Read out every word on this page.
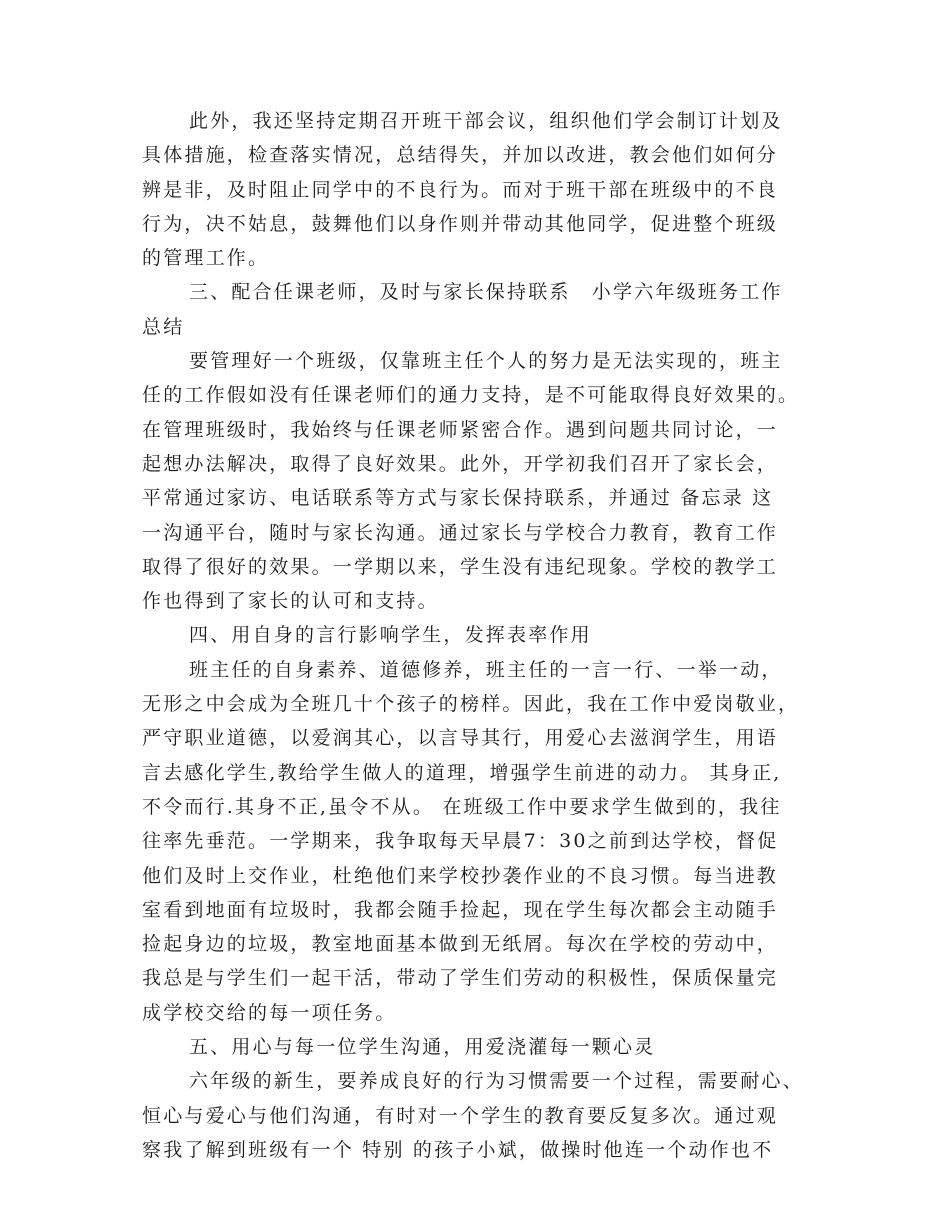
此外，我还坚持定期召开班干部会议，组织他们学会制订计划及
具体措施，检查落实情况，总结得失，并加以改进，教会他们如何分
辨是非，及时阻止同学中的不良行为。而对于班干部在班级中的不良
行为，决不姑息，鼓舞他们以身作则并带动其他同学，促进整个班级
的管理工作。
三、配合任课老师，及时与家长保持联系　小学六年级班务工作
总结
要管理好一个班级，仅靠班主任个人的努力是无法实现的，班主
任的工作假如没有任课老师们的通力支持，是不可能取得良好效果的。
在管理班级时，我始终与任课老师紧密合作。遇到问题共同讨论，一
起想办法解决，取得了良好效果。此外，开学初我们召开了家长会，
平常通过家访、电话联系等方式与家长保持联系，并通过 备忘录 这
一沟通平台，随时与家长沟通。通过家长与学校合力教育，教育工作
取得了很好的效果。一学期以来，学生没有违纪现象。学校的教学工
作也得到了家长的认可和支持。
四、用自身的言行影响学生，发挥表率作用
班主任的自身素养、道德修养，班主任的一言一行、一举一动，
无形之中会成为全班几十个孩子的榜样。因此，我在工作中爱岗敬业，
严守职业道德，以爱润其心，以言导其行，用爱心去滋润学生，用语
言去感化学生,教给学生做人的道理，增强学生前进的动力。 其身正,
不令而行.其身不正,虽令不从。 在班级工作中要求学生做到的，我往
往率先垂范。一学期来，我争取每天早晨7：30之前到达学校，督促
他们及时上交作业，杜绝他们来学校抄袭作业的不良习惯。每当进教
室看到地面有垃圾时，我都会随手捡起，现在学生每次都会主动随手
捡起身边的垃圾，教室地面基本做到无纸屑。每次在学校的劳动中，
我总是与学生们一起干活，带动了学生们劳动的积极性，保质保量完
成学校交给的每一项任务。
五、用心与每一位学生沟通，用爱浇灌每一颗心灵
六年级的新生，要养成良好的行为习惯需要一个过程，需要耐心、
恒心与爱心与他们沟通，有时对一个学生的教育要反复多次。通过观
察我了解到班级有一个 特别 的孩子小斌，做操时他连一个动作也不
